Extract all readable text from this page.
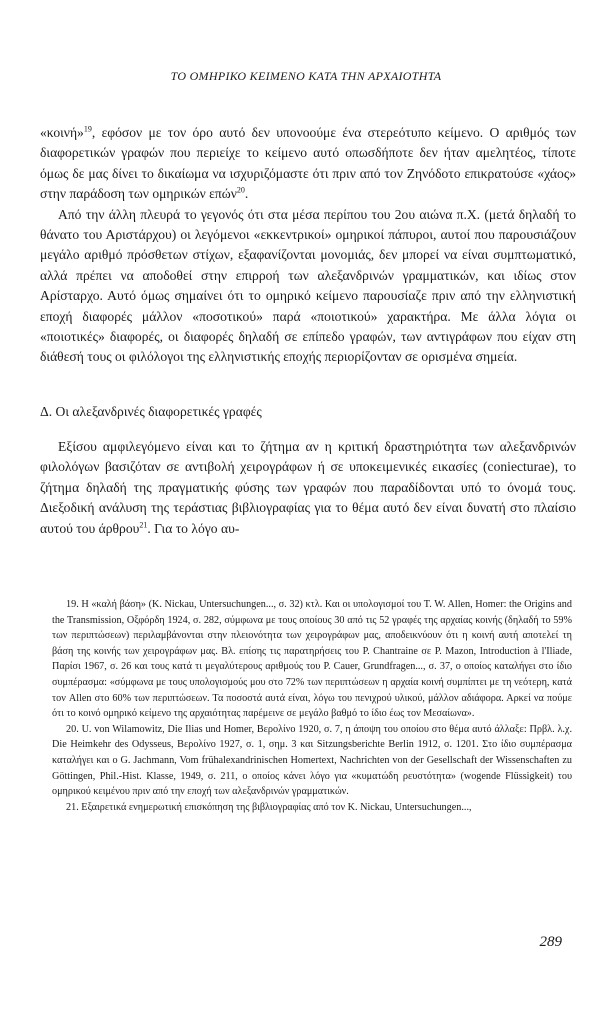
ΤΟ ΟΜΗΡΙΚΟ ΚΕΙΜΕΝΟ ΚΑΤΑ ΤΗΝ ΑΡΧΑΙΟΤΗΤΑ

«κοινή»$^{19}$, εφόσον με τον όρο αυτό δεν υπονοούμε ένα στερεότυπο κείμενο. Ο αριθμός των διαφορετικών γραφών που περιείχε το κείμενο αυτό οπωσδήποτε δεν ήταν αμελητέος, τίποτε όμως δε μας δίνει το δικαίωμα να ισχυριζόμαστε ότι πριν από τον Ζηνόδοτο επικρατούσε «χάος» στην παράδοση των ομηρικών επών$^{20}$.

Από την άλλη πλευρά το γεγονός ότι στα μέσα περίπου του 2ου αιώνα π.Χ. (μετά δηλαδή το θάνατο του Αριστάρχου) οι λεγόμενοι «εκκεντρικοί» ομηρικοί πάπυροι, αυτοί που παρουσιάζουν μεγάλο αριθμό πρόσθετων στίχων, εξαφανίζονται μονομιάς, δεν μπορεί να είναι συμπτωματικό, αλλά πρέπει να αποδοθεί στην επιρροή των αλεξανδρινών γραμματικών, και ιδίως στον Αρίσταρχο. Αυτό όμως σημαίνει ότι το ομηρικό κείμενο παρουσίαζε πριν από την ελληνιστική εποχή διαφορές μάλλον «ποσοτικού» παρά «ποιοτικού» χαρακτήρα. Με άλλα λόγια οι «ποιοτικές» διαφορές, οι διαφορές δηλαδή σε επίπεδο γραφών, των αντιγράφων που είχαν στη διάθεσή τους οι φιλόλογοι της ελληνιστικής εποχής περιορίζονταν σε ορισμένα σημεία.

Δ. Οι αλεξανδρινές διαφορετικές γραφές

Εξίσου αμφιλεγόμενο είναι και το ζήτημα αν η κριτική δραστηριότητα των αλεξανδρινών φιλολόγων βασιζόταν σε αντιβολή χειρογράφων ή σε υποκειμενικές εικασίες (coniecturae), το ζήτημα δηλαδή της πραγματικής φύσης των γραφών που παραδίδονται υπό το όνομά τους. Διεξοδική ανάλυση της τεράστιας βιβλιογραφίας για το θέμα αυτό δεν είναι δυνατή στο πλαίσιο αυτού του άρθρου$^{21}$. Για το λόγο αυ-

19. Η «καλή βάση» (K. Nickau, Untersuchungen..., σ. 32) κτλ. Και οι υπολογισμοί του T. W. Allen, Homer: the Origins and the Transmission, Οξφόρδη 1924, σ. 282, σύμφωνα με τους οποίους 30 από τις 52 γραφές της αρχαίας κοινής (δηλαδή το 59% των περιπτώσεων) περιλαμβάνονται στην πλειονότητα των χειρογράφων μας, αποδεικνύουν ότι η κοινή αυτή αποτελεί τη βάση της κοινής των χειρογράφων μας. Βλ. επίσης τις παρατηρήσεις του P. Chantraine σε P. Mazon, Introduction à l'Iliade, Παρίσι 1967, σ. 26 και τους κατά τι μεγαλύτερους αριθμούς του P. Cauer, Grundfragen..., σ. 37, ο οποίος καταλήγει στο ίδιο συμπέρασμα: «σύμφωνα με τους υπολογισμούς μου στο 72% των περιπτώσεων η αρχαία κοινή συμπίπτει με τη νεότερη, κατά τον Allen στο 60% των περιπτώσεων. Τα ποσοστά αυτά είναι, λόγω του πενιχρού υλικού, μάλλον αδιάφορα. Αρκεί να πούμε ότι το κοινό ομηρικό κείμενο της αρχαιότητας παρέμεινε σε μεγάλο βαθμό το ίδιο έως τον Μεσαίωνα».

20. U. von Wilamowitz, Die Ilias und Homer, Βερολίνο 1920, σ. 7, η άποψη του οποίου στο θέμα αυτό άλλαξε: Πρβλ. λ.χ. Die Heimkehr des Odysseus, Βερολίνο 1927, σ. 1, σημ. 3 και Sitzungsberichte Berlin 1912, σ. 1201. Στο ίδιο συμπέρασμα καταλήγει και ο G. Jachmann, Vom frühalexandrinischen Homertext, Nachrichten von der Gesellschaft der Wissenschaften zu Göttingen, Phil.-Hist. Klasse, 1949, σ. 211, ο οποίος κάνει λόγο για «κυματώδη ρευστότητα» (wogende Flüssigkeit) του ομηρικού κειμένου πριν από την εποχή των αλεξανδρινών γραμματικών.

21. Εξαιρετικά ενημερωτική επισκόπηση της βιβλιογραφίας από τον K. Nickau, Untersuchungen...,

289
